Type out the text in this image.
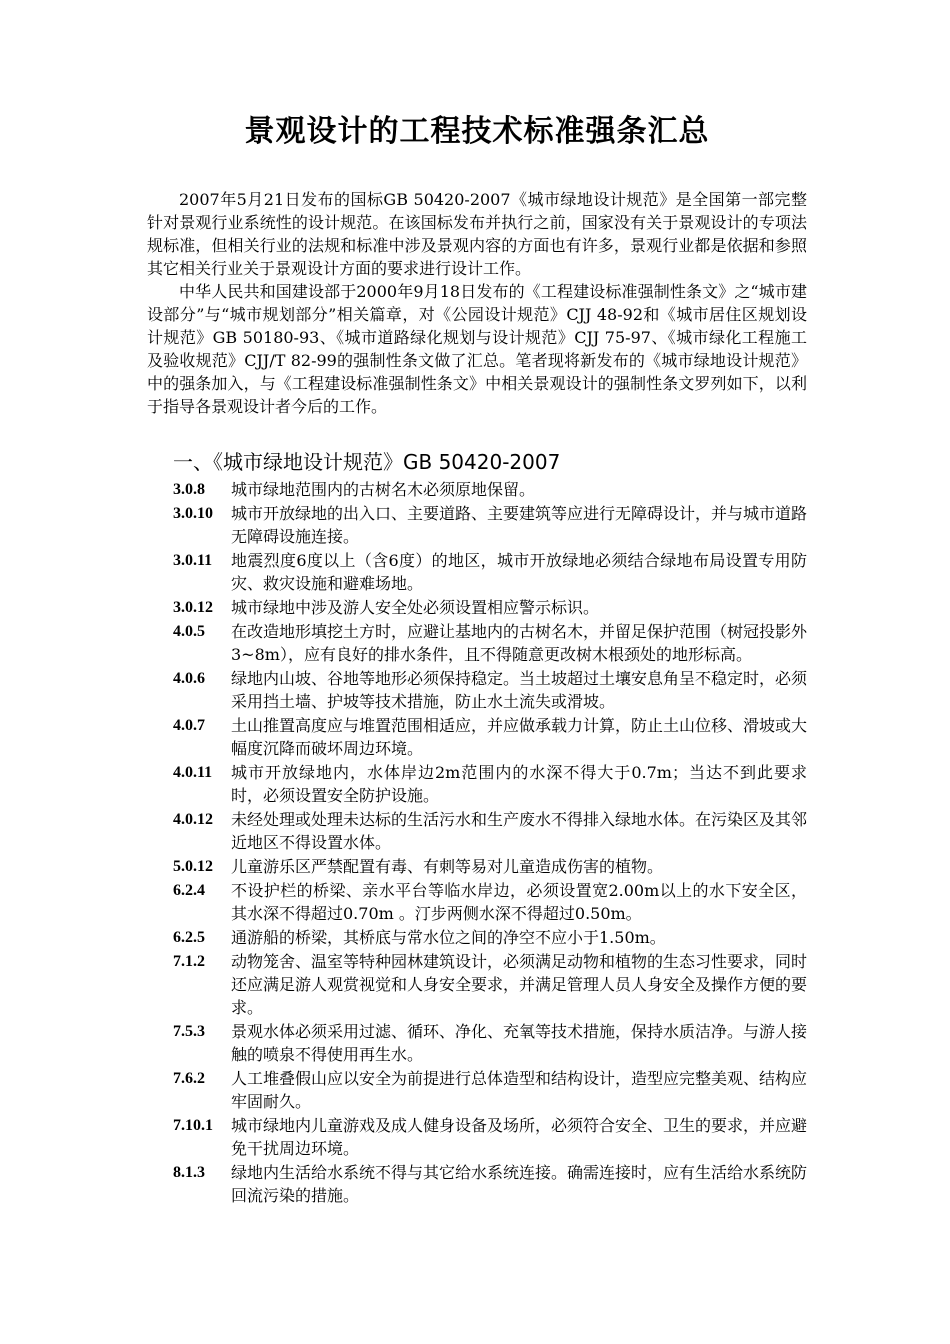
景观设计的工程技术标准强条汇总

2007年5月21日发布的国标GB 50420-2007《城市绿地设计规范》是全国第一部完整针对景观行业系统性的设计规范。在该国标发布并执行之前，国家没有关于景观设计的专项法规标准，但相关行业的法规和标准中涉及景观内容的方面也有许多，景观行业都是依据和参照其它相关行业关于景观设计方面的要求进行设计工作。

中华人民共和国建设部于2000年9月18日发布的《工程建设标准强制性条文》之“城市建设部分”与“城市规划部分”相关篇章，对《公园设计规范》CJJ 48-92和《城市居住区规划设计规范》GB 50180-93、《城市道路绿化规划与设计规范》CJJ 75-97、《城市绿化工程施工及验收规范》CJJ/T 82-99的强制性条文做了汇总。笔者现将新发布的《城市绿地设计规范》中的强条加入，与《工程建设标准强制性条文》中相关景观设计的强制性条文罗列如下，以利于指导各景观设计者今后的工作。

一、《城市绿地设计规范》GB 50420-2007
3.0.8	城市绿地范围内的古树名木必须原地保留。
3.0.10	城市开放绿地的出入口、主要道路、主要建筑等应进行无障碍设计，并与城市道路无障碍设施连接。
3.0.11	地震烈度6度以上（含6度）的地区，城市开放绿地必须结合绿地布局设置专用防灾、救灾设施和避难场地。
3.0.12	城市绿地中涉及游人安全处必须设置相应警示标识。
4.0.5	在改造地形填挖土方时，应避让基地内的古树名木，并留足保护范围（树冠投影外3~8m），应有良好的排水条件，且不得随意更改树木根颈处的地形标高。
4.0.6	绿地内山坡、谷地等地形必须保持稳定。当土坡超过土壤安息角呈不稳定时，必须采用挡土墙、护坡等技术措施，防止水土流失或滑坡。
4.0.7	土山推置高度应与堆置范围相适应，并应做承载力计算，防止土山位移、滑坡或大幅度沉降而破坏周边环境。
4.0.11	城市开放绿地内，水体岸边2m范围内的水深不得大于0.7m；当达不到此要求时，必须设置安全防护设施。
4.0.12	未经处理或处理未达标的生活污水和生产废水不得排入绿地水体。在污染区及其邻近地区不得设置水体。
5.0.12	儿童游乐区严禁配置有毒、有刺等易对儿童造成伤害的植物。
6.2.4	不设护栏的桥梁、亲水平台等临水岸边，必须设置宽2.00m以上的水下安全区，其水深不得超过0.70m 。汀步两侧水深不得超过0.50m。
6.2.5	通游船的桥梁，其桥底与常水位之间的净空不应小于1.50m。
7.1.2	动物笼舍、温室等特种园林建筑设计，必须满足动物和植物的生态习性要求，同时还应满足游人观赏视觉和人身安全要求，并满足管理人员人身安全及操作方便的要求。
7.5.3	景观水体必须采用过滤、循环、净化、充氧等技术措施，保持水质洁净。与游人接触的喷泉不得使用再生水。
7.6.2	人工堆叠假山应以安全为前提进行总体造型和结构设计，造型应完整美观、结构应牢固耐久。
7.10.1	城市绿地内儿童游戏及成人健身设备及场所，必须符合安全、卫生的要求，并应避免干扰周边环境。
8.1.3	绿地内生活给水系统不得与其它给水系统连接。确需连接时，应有生活给水系统防回流污染的措施。
